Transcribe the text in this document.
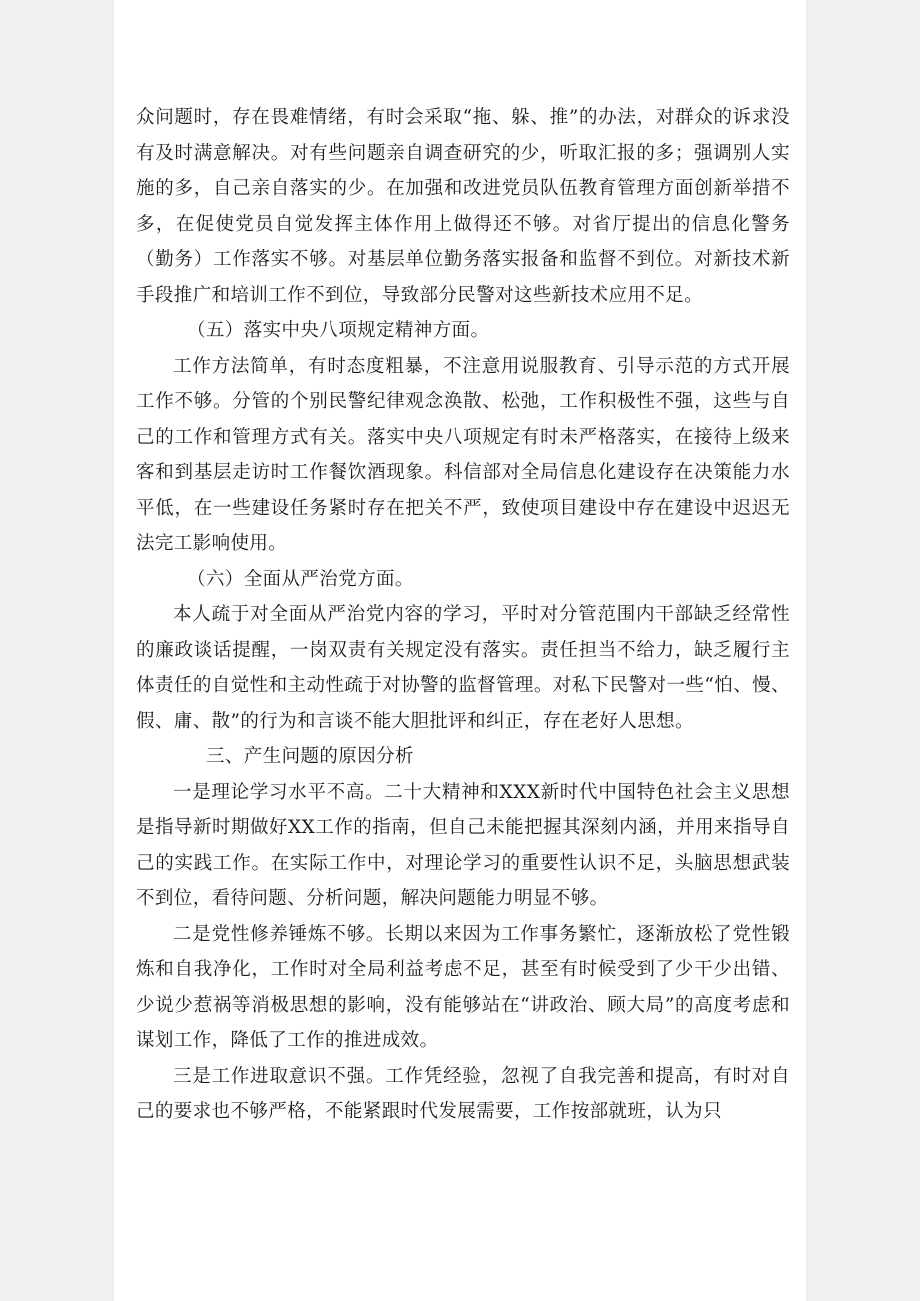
众问题时，存在畏难情绪，有时会采取“拖、躲、推”的办法，对群众的诉求没有及时满意解决。对有些问题亲自调查研究的少，听取汇报的多；强调别人实施的多，自己亲自落实的少。在加强和改进党员队伍教育管理方面创新举措不多，在促使党员自觉发挥主体作用上做得还不够。对省厅提出的信息化警务（勤务）工作落实不够。对基层单位勤务落实报备和监督不到位。对新技术新手段推广和培训工作不到位，导致部分民警对这些新技术应用不足。

（五）落实中央八项规定精神方面。

工作方法简单，有时态度粗暴，不注意用说服教育、引导示范的方式开展工作不够。分管的个别民警纪律观念涣散、松弛，工作积极性不强，这些与自己的工作和管理方式有关。落实中央八项规定有时未严格落实，在接待上级来客和到基层走访时工作餐饮酒现象。科信部对全局信息化建设存在决策能力水平低，在一些建设任务紧时存在把关不严，致使项目建设中存在建设中迟迟无法完工影响使用。

（六）全面从严治党方面。

本人疏于对全面从严治党内容的学习，平时对分管范围内干部缺乏经常性的廉政谈话提醒，一岗双责有关规定没有落实。责任担当不给力，缺乏履行主体责任的自觉性和主动性疏于对协警的监督管理。对私下民警对一些“怕、慢、假、庸、散”的行为和言谈不能大胆批评和纠正，存在老好人思想。

三、产生问题的原因分析

一是理论学习水平不高。二十大精神和XXX新时代中国特色社会主义思想是指导新时期做好XX工作的指南，但自己未能把握其深刻内涵，并用来指导自己的实践工作。在实际工作中，对理论学习的重要性认识不足，头脑思想武装不到位，看待问题、分析问题，解决问题能力明显不够。

二是党性修养锤炼不够。长期以来因为工作事务繁忙，逐渐放松了党性锻炼和自我净化，工作时对全局利益考虑不足，甚至有时候受到了少干少出错、少说少惹祸等消极思想的影响，没有能够站在“讲政治、顾大局”的高度考虑和谋划工作，降低了工作的推进成效。

三是工作进取意识不强。工作凭经验，忽视了自我完善和提高，有时对自己的要求也不够严格，不能紧跟时代发展需要，工作按部就班，认为只
